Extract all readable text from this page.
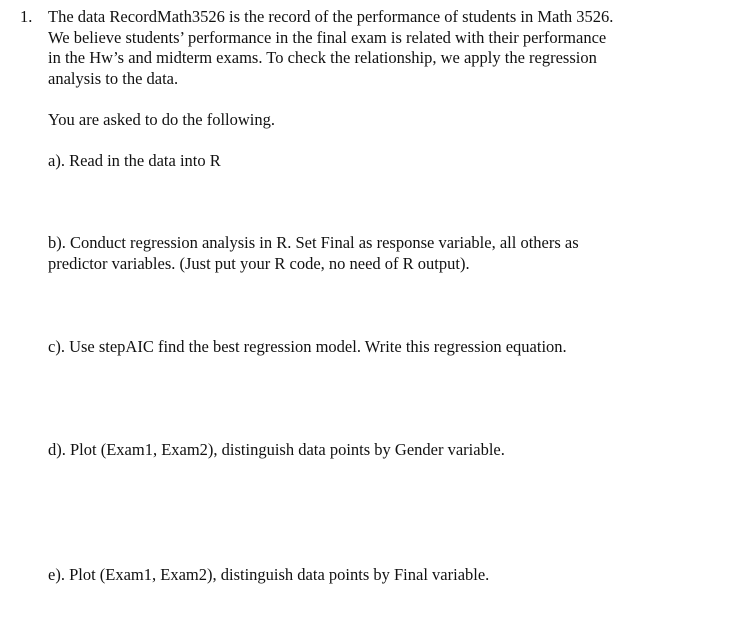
1. The data RecordMath3526 is the record of the performance of students in Math 3526.
We believe students’ performance in the final exam is related with their performance
in the Hw’s and midterm exams. To check the relationship, we apply the regression
analysis to the data.
You are asked to do the following.
a). Read in the data into R
b). Conduct regression analysis in R. Set Final as response variable, all others as
predictor variables. (Just put your R code, no need of R output).
c). Use stepAIC find the best regression model. Write this regression equation.
d). Plot (Exam1, Exam2), distinguish data points by Gender variable.
e). Plot (Exam1, Exam2), distinguish data points by Final variable.
